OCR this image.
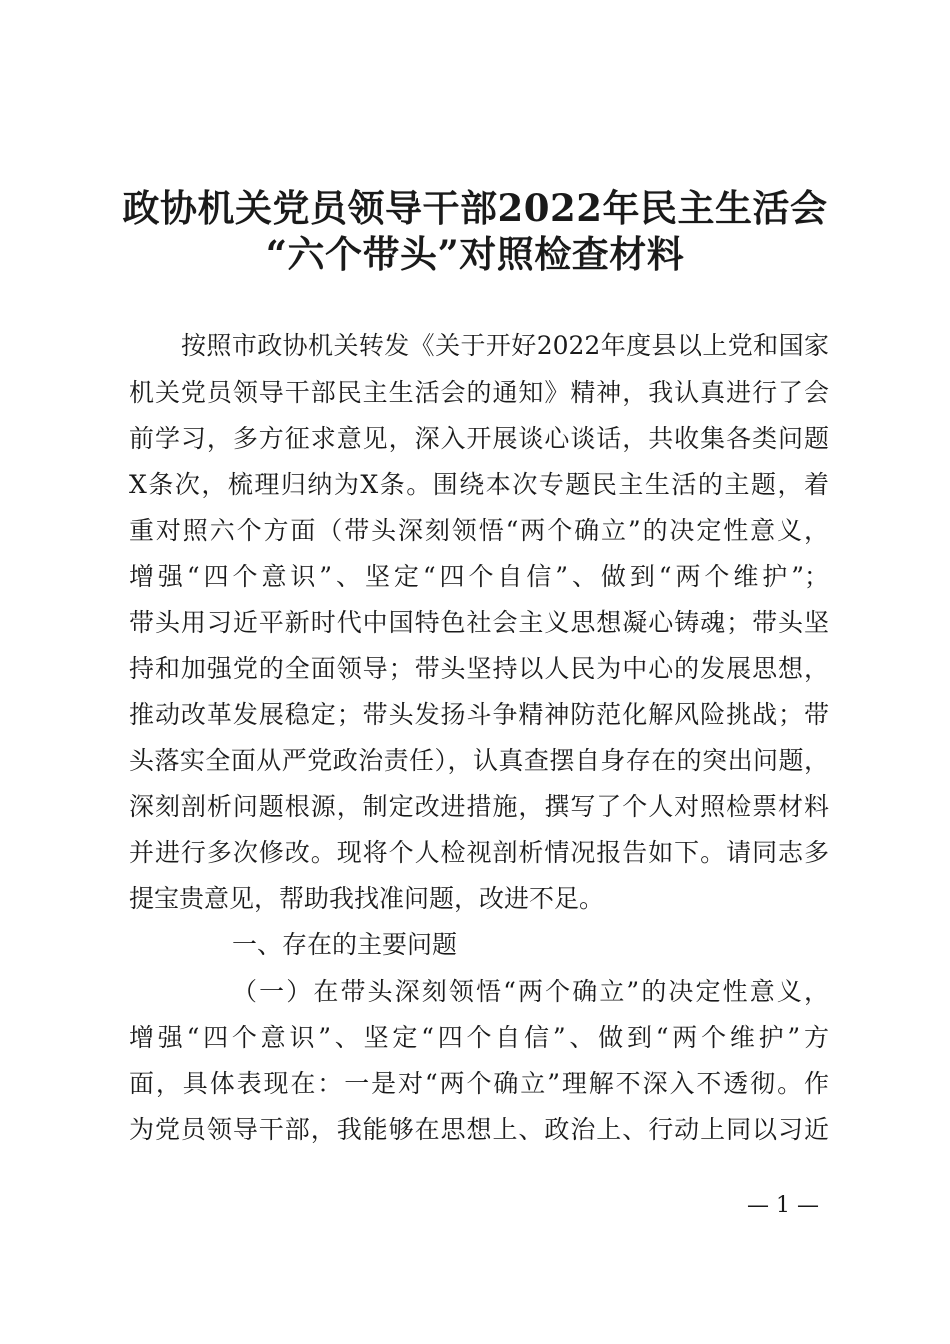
政协机关党员领导干部2022年民主生活会
“六个带头”对照检查材料
按照市政协机关转发《关于开好2022年度县以上党和国家
机关党员领导干部民主生活会的通知》精神，我认真进行了会
前学习，多方征求意见，深入开展谈心谈话，共收集各类问题
X条次，梳理归纳为X条。围绕本次专题民主生活的主题，着
重对照六个方面（带头深刻领悟“两个确立”的决定性意义，
增强“四个意识”、坚定“四个自信”、做到“两个维护”；
带头用习近平新时代中国特色社会主义思想凝心铸魂；带头坚
持和加强党的全面领导；带头坚持以人民为中心的发展思想，
推动改革发展稳定；带头发扬斗争精神防范化解风险挑战；带
头落实全面从严党政治责任），认真查摆自身存在的突出问题，
深刻剖析问题根源，制定改进措施，撰写了个人对照检票材料
并进行多次修改。现将个人检视剖析情况报告如下。请同志多
提宝贵意见，帮助我找准问题，改进不足。
一、存在的主要问题
（一）在带头深刻领悟“两个确立”的决定性意义，
增强“四个意识”、坚定“四个自信”、做到“两个维护”方
面，具体表现在：一是对“两个确立”理解不深入不透彻。作
为党员领导干部，我能够在思想上、政治上、行动上同以习近
— 1 —
